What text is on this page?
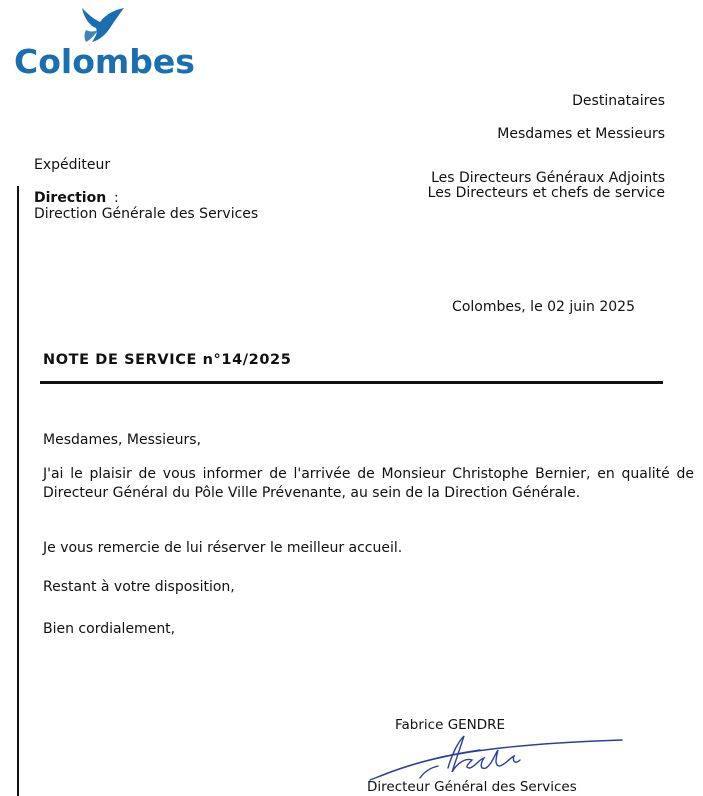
Colombes
Destinataires
Mesdames et Messieurs
Les Directeurs Généraux Adjoints
Les Directeurs et chefs de service
Expéditeur
Direction :
Direction Générale des Services
Colombes, le 02 juin 2025
NOTE DE SERVICE n°14/2025
Mesdames, Messieurs,
J'ai le plaisir de vous informer de l'arrivée de Monsieur Christophe Bernier, en qualité de Directeur Général du Pôle Ville Prévenante, au sein de la Direction Générale.
Je vous remercie de lui réserver le meilleur accueil.
Restant à votre disposition,
Bien cordialement,
Fabrice GENDRE
Directeur Général des Services
